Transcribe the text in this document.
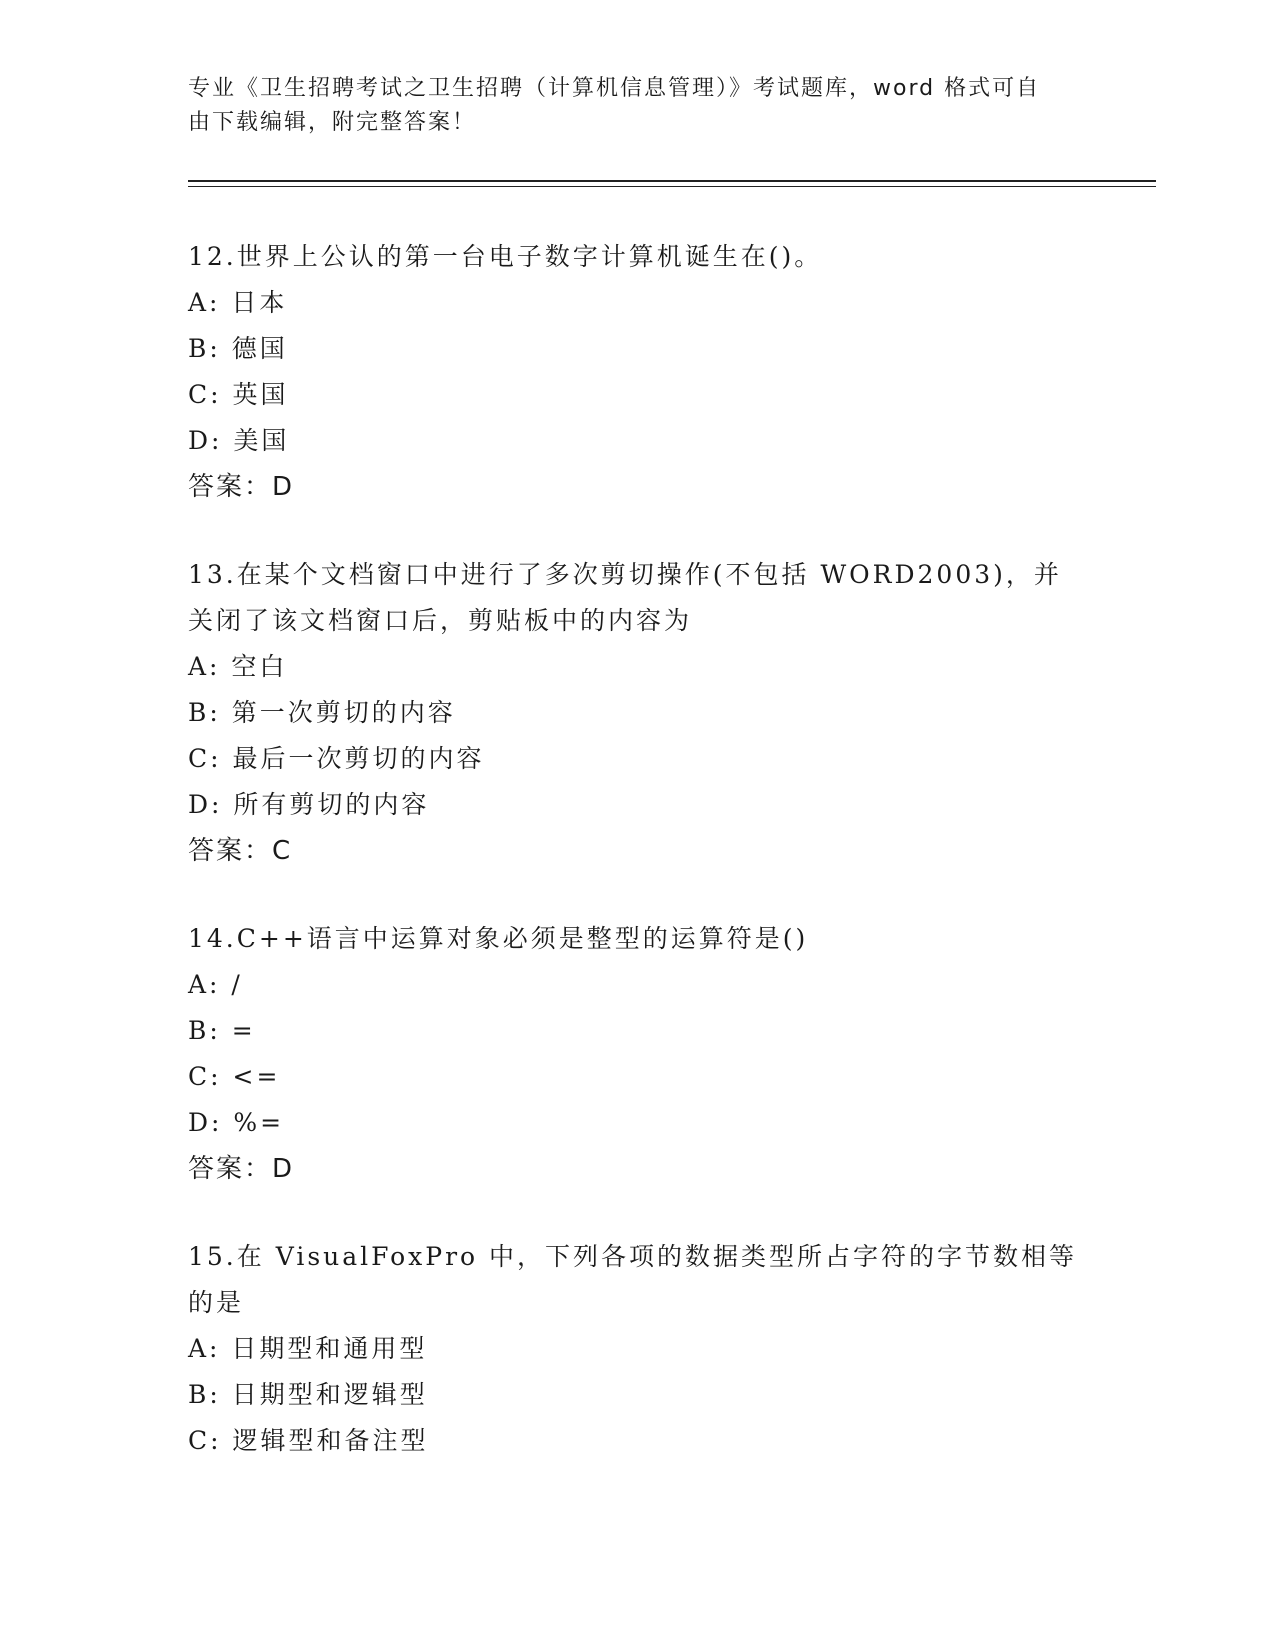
专业《卫生招聘考试之卫生招聘（计算机信息管理）》考试题库，word 格式可自
由下载编辑，附完整答案！

12.世界上公认的第一台电子数字计算机诞生在()。

A: 日本
B: 德国
C: 英国
D: 美国
答案：D

13.在某个文档窗口中进行了多次剪切操作(不包括 WORD2003)，并关闭了该文档窗口后，剪贴板中的内容为

A: 空白
B: 第一次剪切的内容
C: 最后一次剪切的内容
D: 所有剪切的内容
答案：C

14.C++语言中运算对象必须是整型的运算符是()

A: /
B: =
C: <=
D: %=
答案：D

15.在 VisualFoxPro 中，下列各项的数据类型所占字符的字节数相等的是

A: 日期型和通用型
B: 日期型和逻辑型
C: 逻辑型和备注型
